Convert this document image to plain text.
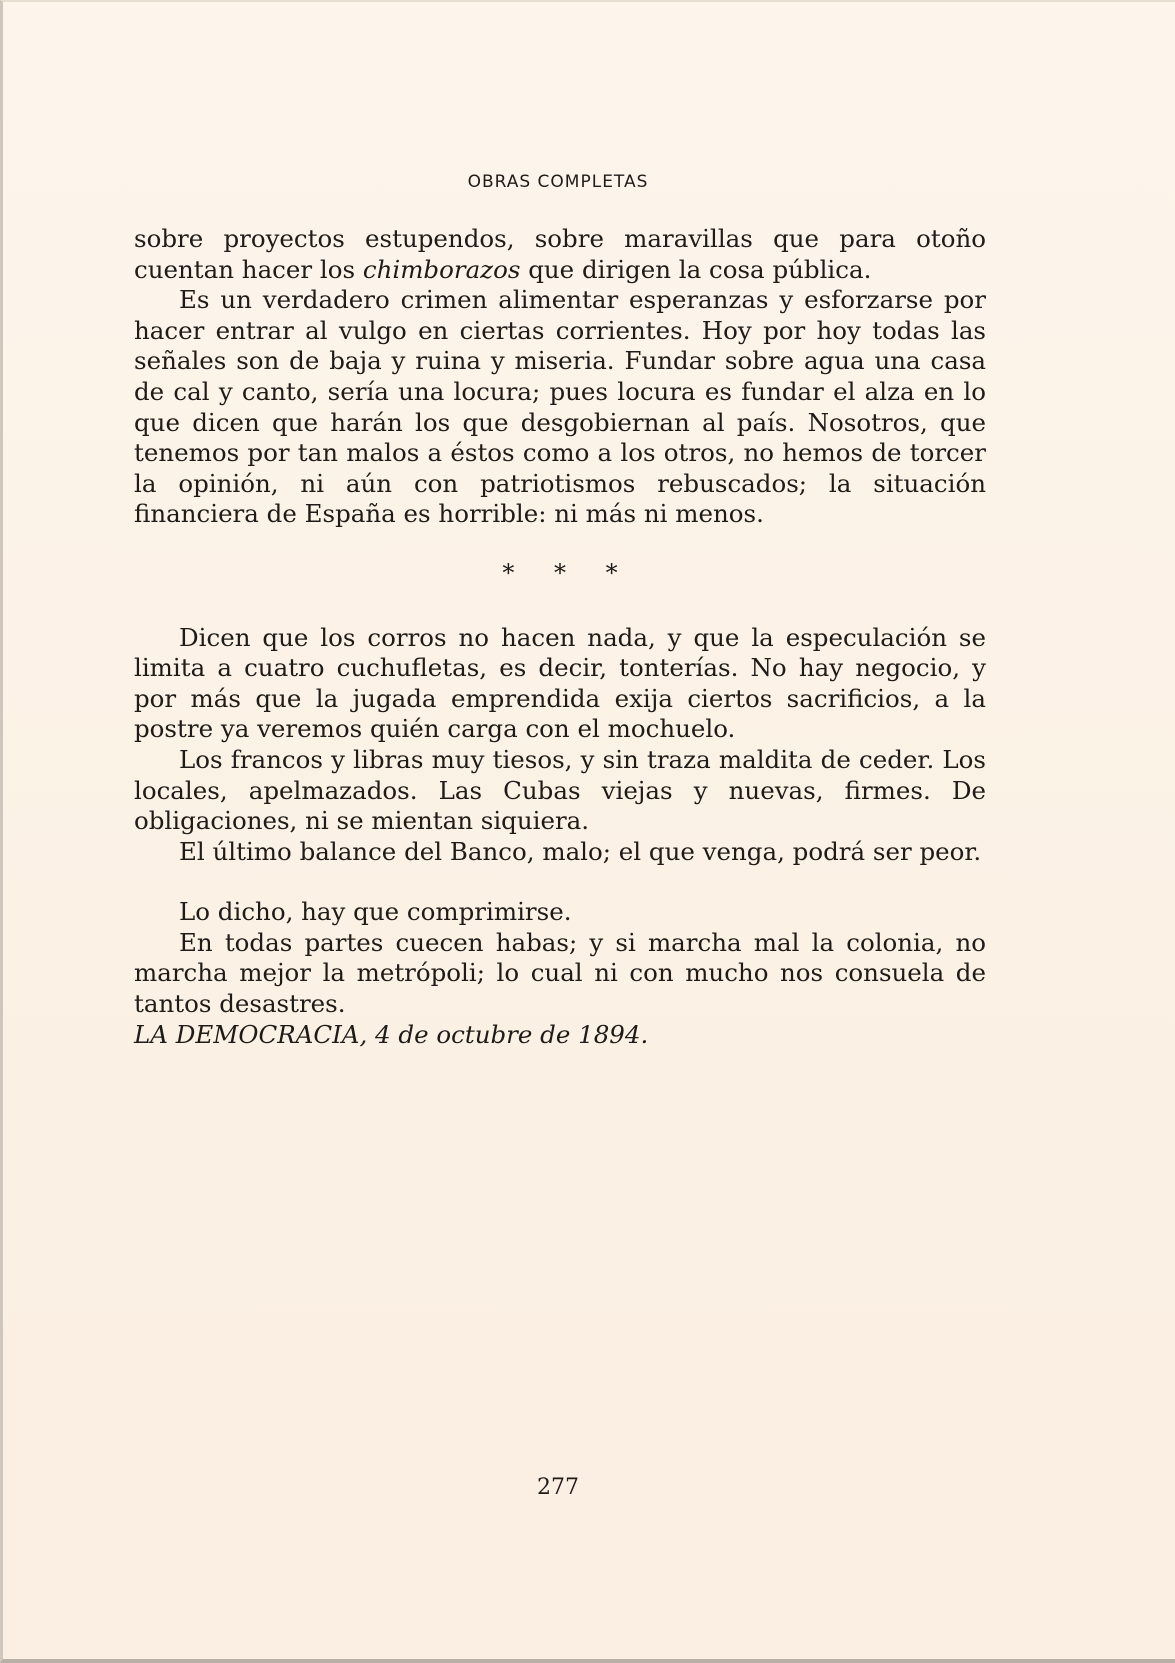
OBRAS COMPLETAS

sobre proyectos estupendos, sobre maravillas que para otoño cuentan hacer los chimborazos que dirigen la cosa pública.

Es un verdadero crimen alimentar esperanzas y esforzarse por hacer entrar al vulgo en ciertas corrientes. Hoy por hoy todas las señales son de baja y ruina y miseria. Fundar sobre agua una casa de cal y canto, sería una locura; pues locura es fundar el alza en lo que dicen que harán los que desgobiernan al país. Nosotros, que tenemos por tan malos a éstos como a los otros, no hemos de torcer la opinión, ni aún con patriotismos rebuscados; la situación financiera de España es horrible: ni más ni menos.

* * *

Dicen que los corros no hacen nada, y que la especulación se limita a cuatro cuchufletas, es decir, tonterías. No hay negocio, y por más que la jugada emprendida exija ciertos sacrificios, a la postre ya veremos quién carga con el mochuelo.

Los francos y libras muy tiesos, y sin traza maldita de ceder. Los locales, apelmazados. Las Cubas viejas y nuevas, firmes. De obligaciones, ni se mientan siquiera.

El último balance del Banco, malo; el que venga, podrá ser peor.

Lo dicho, hay que comprimirse.

En todas partes cuecen habas; y si marcha mal la colonia, no marcha mejor la metrópoli; lo cual ni con mucho nos consuela de tantos desastres.

LA DEMOCRACIA, 4 de octubre de 1894.

277
